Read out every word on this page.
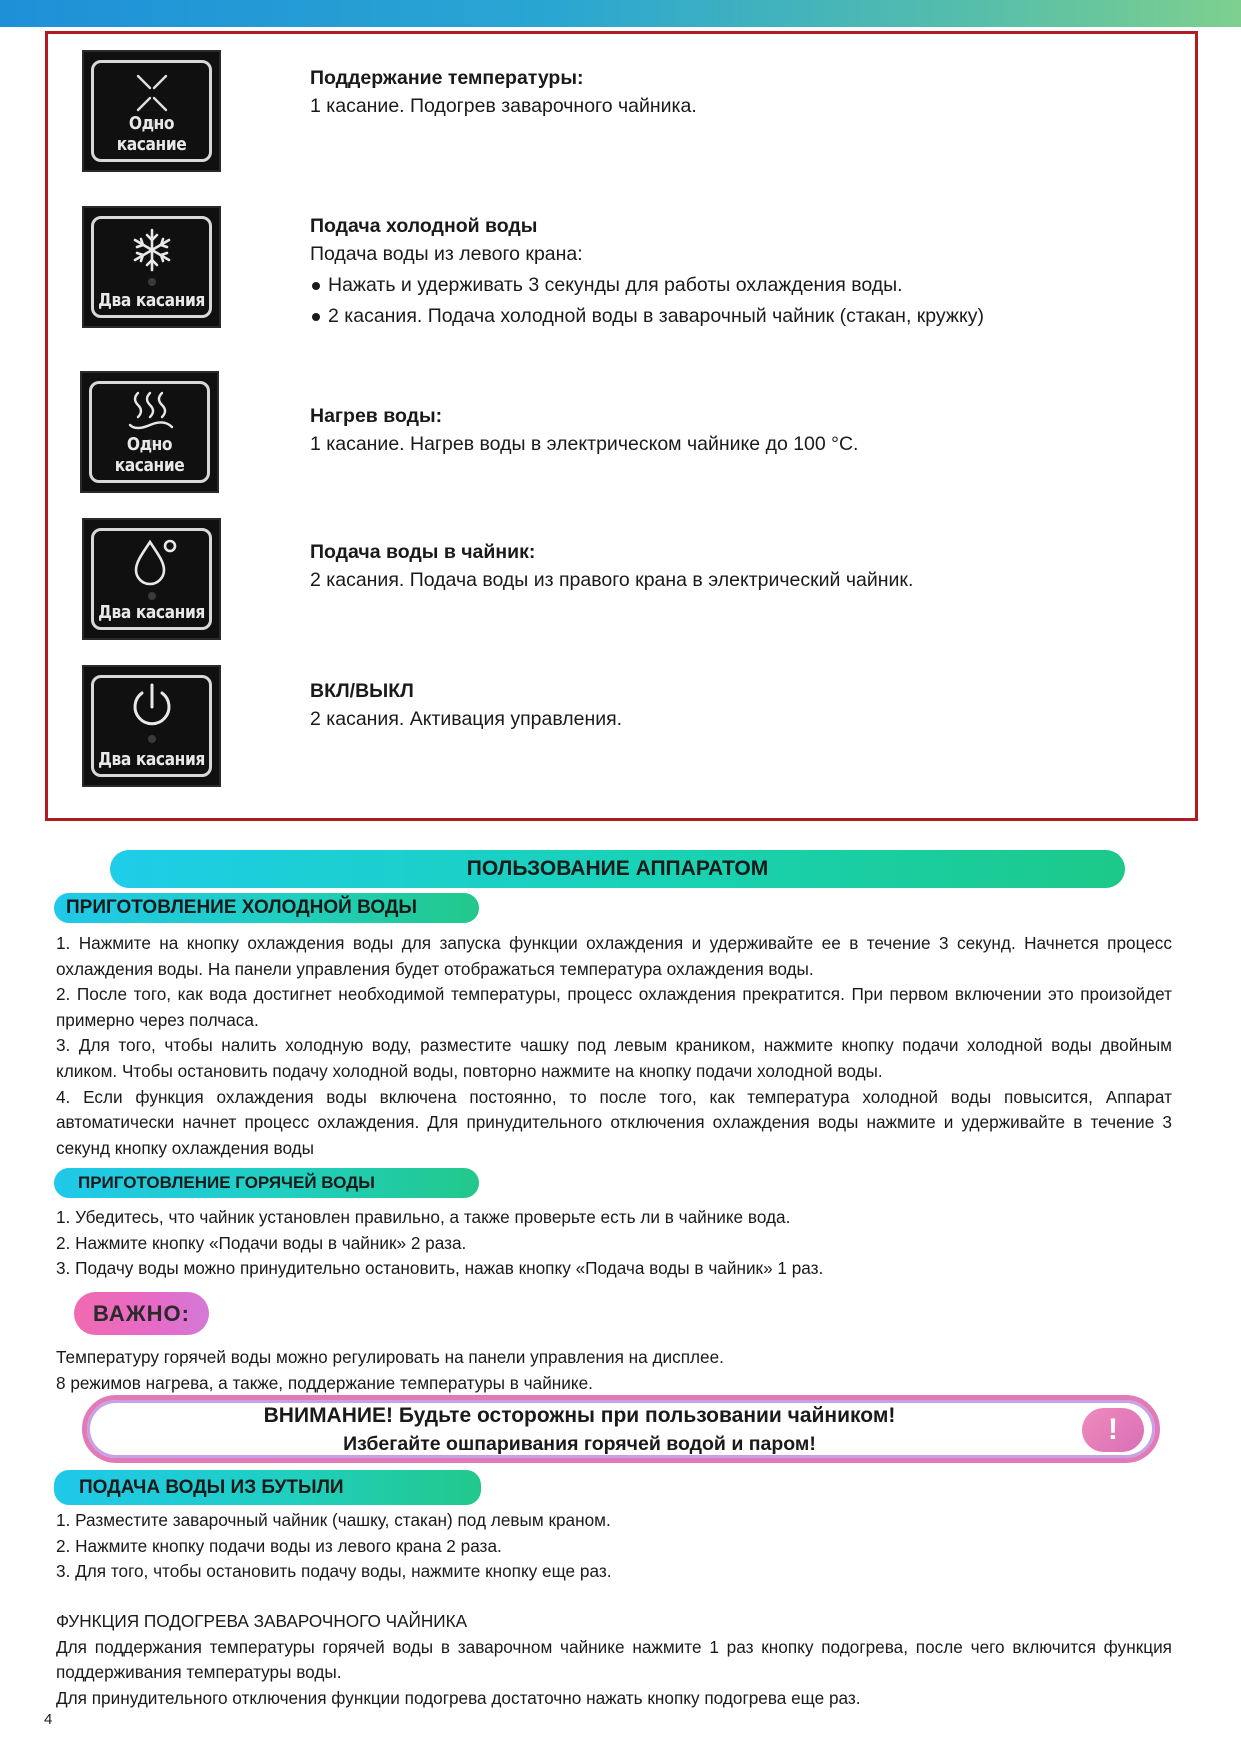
Одно касание
Поддержание температуры:
1 касание. Подогрев заварочного чайника.
Два касания
Подача холодной воды
Подача воды из левого крана:
Нажать и удерживать 3 секунды для работы охлаждения воды.
2 касания. Подача холодной воды в заварочный чайник (стакан, кружку)
Одно касание
Нагрев воды:
1 касание. Нагрев воды в электрическом чайнике до 100 °C.
Два касания
Подача воды в чайник:
2 касания. Подача воды из правого крана в электрический чайник.
Два касания
ВКЛ/ВЫКЛ
2 касания. Активация управления.
ПОЛЬЗОВАНИЕ АППАРАТОМ
ПРИГОТОВЛЕНИЕ ХОЛОДНОЙ ВОДЫ

1. Нажмите на кнопку охлаждения воды для запуска функции охлаждения и удерживайте ее в течение 3 секунд. Начнется процесс охлаждения воды. На панели управления будет отображаться температура охлаждения воды.

2. После того, как вода достигнет необходимой температуры, процесс охлаждения прекратится. При первом включении это произойдет примерно через полчаса.

3. Для того, чтобы налить холодную воду, разместите чашку под левым краником, нажмите кнопку подачи холодной воды двойным кликом. Чтобы остановить подачу холодной воды, повторно нажмите на кнопку подачи холодной воды.

4. Если функция охлаждения воды включена постоянно, то после того, как температура холодной воды повысится, Аппарат автоматически начнет процесс охлаждения. Для принудительного отключения охлаждения воды нажмите и удерживайте в течение 3 секунд кнопку охлаждения воды

ПРИГОТОВЛЕНИЕ ГОРЯЧЕЙ ВОДЫ

1. Убедитесь, что чайник установлен правильно, а также проверьте есть ли в чайнике вода.

2. Нажмите кнопку «Подачи воды в чайник» 2 раза.

3. Подачу воды можно принудительно остановить, нажав кнопку «Подача воды в чайник» 1 раз.

ВАЖНО:

Температуру горячей воды можно регулировать на панели управления на дисплее.

8 режимов нагрева, а также, поддержание температуры в чайнике.

ВНИМАНИЕ! Будьте осторожны при пользовании чайником!
Избегайте ошпаривания горячей водой и паром!	!
ПОДАЧА ВОДЫ ИЗ БУТЫЛИ

1. Разместите заварочный чайник (чашку, стакан) под левым краном.

2. Нажмите кнопку подачи воды из левого крана 2 раза.

3. Для того, чтобы остановить подачу воды, нажмите кнопку еще раз.

ФУНКЦИЯ ПОДОГРЕВА ЗАВАРОЧНОГО ЧАЙНИКА

Для поддержания температуры горячей воды в заварочном чайнике нажмите 1 раз кнопку подогрева, после чего включится функция поддерживания температуры воды.

Для принудительного отключения функции подогрева достаточно нажать кнопку подогрева еще раз.

4
